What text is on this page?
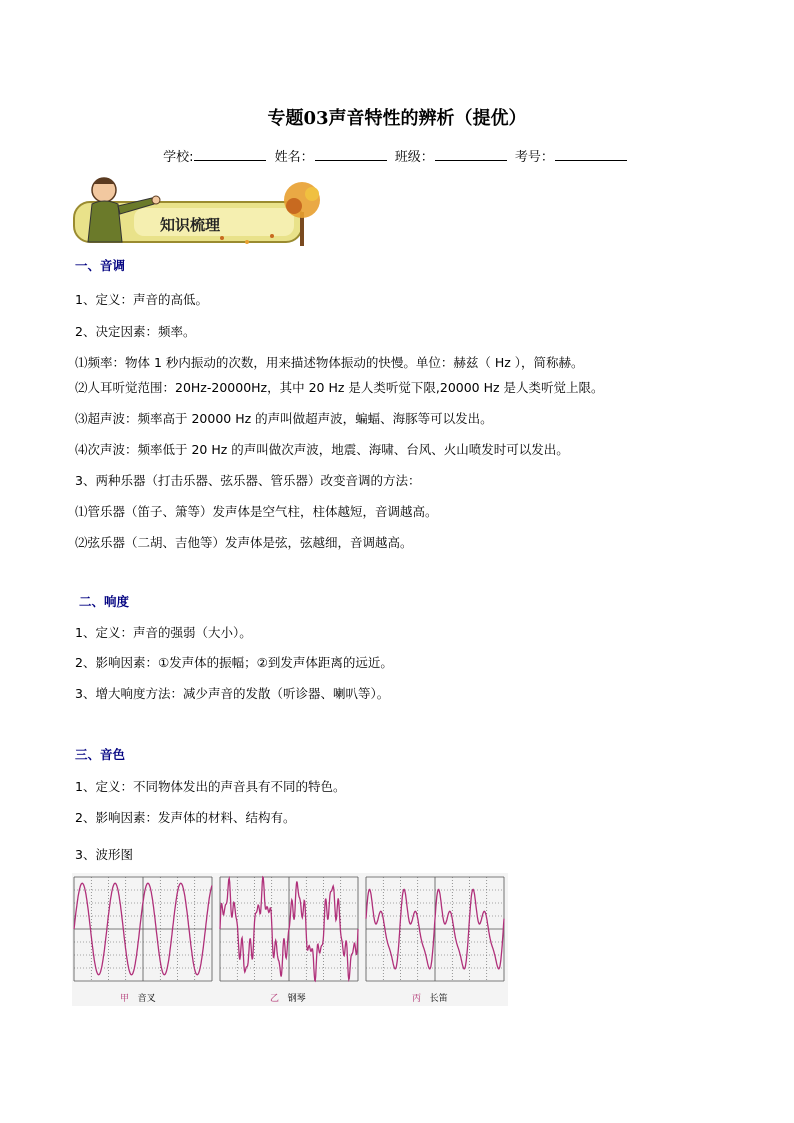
专题03声音特性的辨析（提优）
学校:	姓名：	班级：	考号：
知识梳理
一、音调
1、定义：声音的高低。
2、决定因素：频率。
⑴频率：物体 1 秒内振动的次数，用来描述物体振动的快慢。单位：赫兹（ Hz ），简称赫。
⑵人耳听觉范围：20Hz-20000Hz，其中 20 Hz 是人类听觉下限,20000 Hz 是人类听觉上限。
⑶超声波：频率高于 20000 Hz 的声叫做超声波，蝙蝠、海豚等可以发出。
⑷次声波：频率低于 20 Hz 的声叫做次声波，地震、海啸、台风、火山喷发时可以发出。
3、两种乐器（打击乐器、弦乐器、管乐器）改变音调的方法：
⑴管乐器（笛子、箫等）发声体是空气柱，柱体越短，音调越高。
⑵弦乐器（二胡、吉他等）发声体是弦，弦越细，音调越高。
二、响度
1、定义：声音的强弱（大小）。
2、影响因素：①发声体的振幅；②到发声体距离的远近。
3、增大响度方法：减少声音的发散（听诊器、喇叭等）。
三、音色
1、定义：不同物体发出的声音具有不同的特色。
2、影响因素：发声体的材料、结构有。
3、波形图
甲 音叉	乙 钢琴	丙 长笛
